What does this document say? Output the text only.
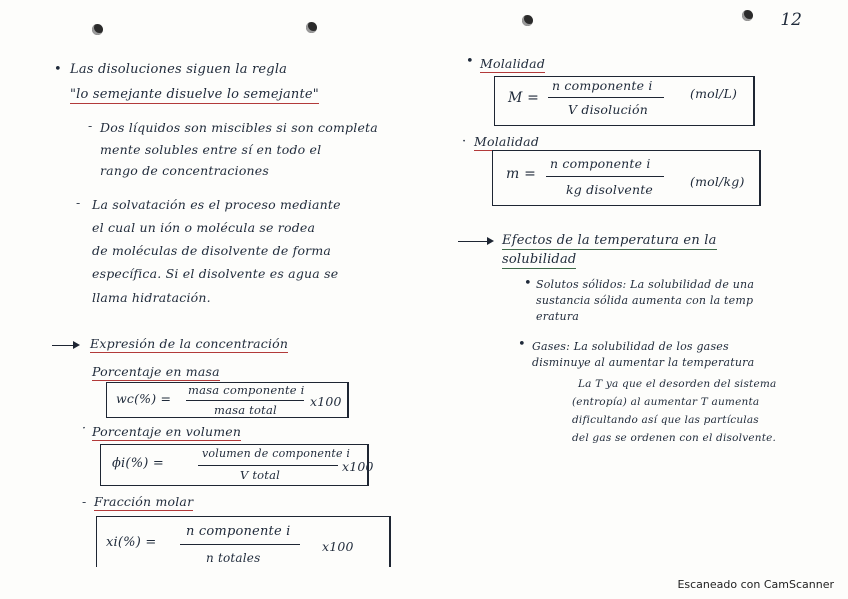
12
• Las disoluciones siguen la regla
"lo semejante disuelve lo semejante"
- Dos líquidos son miscibles si son completa
mente solubles entre sí en todo el
rango de concentraciones
- La solvatación es el proceso mediante
el cual un ión o molécula se rodea
de moléculas de disolvente de forma
específica. Si el disolvente es agua se
llama hidratación.
Expresión de la concentración
Porcentaje en masa
wc(%) =
masa componente i
masa total
x100
· Porcentaje en volumen
ϕi(%) =
volumen de componente i
V total
x100
- Fracción molar
xi(%) =
n componente i
n totales
x100
• Molalidad
M =
n componente i
V disolución
(mol/L)
· Molalidad
m =
n componente i
kg disolvente
(mol/kg)
Efectos de la temperatura en la
solubilidad
• Solutos sólidos: La solubilidad de una
sustancia sólida aumenta con la temp
eratura
• Gases: La solubilidad de los gases
disminuye al aumentar la temperatura
La T ya que el desorden del sistema
(entropía) al aumentar T aumenta
dificultando así que las partículas
del gas se ordenen con el disolvente.
Escaneado con CamScanner
